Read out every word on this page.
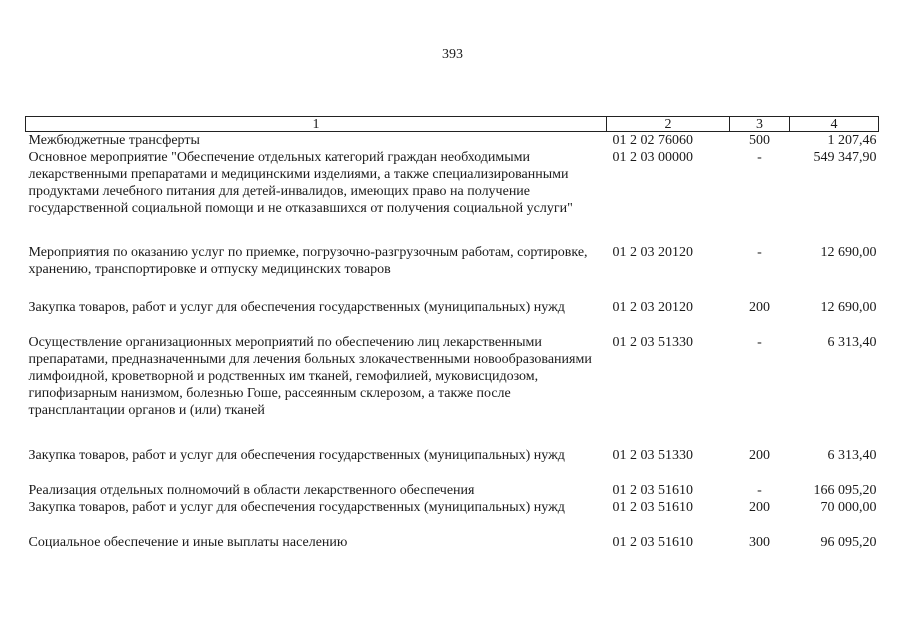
393
1	2	3	4
Межбюджетные трансферты	01 2 02 76060	500	1 207,46
Основное мероприятие "Обеспечение отдельных категорий граждан необходимыми лекарственными препаратами и медицинскими изделиями, а также специализированными продуктами лечебного питания для детей-инвалидов, имеющих право на получение государственной социальной помощи и не отказавшихся от получения социальной услуги"	01 2 03 00000	-	549 347,90
Мероприятия по оказанию услуг по приемке, погрузочно-разгрузочным работам, сортировке, хранению, транспортировке и отпуску медицинских товаров	01 2 03 20120	-	12 690,00
Закупка товаров, работ и услуг для обеспечения государственных (муниципальных) нужд	01 2 03 20120	200	12 690,00
Осуществление организационных мероприятий по обеспечению лиц лекарственными препаратами, предназначенными для лечения больных злокачественными новообразованиями лимфоидной, кроветворной и родственных им тканей, гемофилией, муковисцидозом, гипофизарным нанизмом, болезнью Гоше, рассеянным склерозом, а также после трансплантации органов и (или) тканей	01 2 03 51330	-	6 313,40
Закупка товаров, работ и услуг для обеспечения государственных (муниципальных) нужд	01 2 03 51330	200	6 313,40
Реализация отдельных полномочий в области лекарственного обеспечения	01 2 03 51610	-	166 095,20
Закупка товаров, работ и услуг для обеспечения государственных (муниципальных) нужд	01 2 03 51610	200	70 000,00
Социальное обеспечение и иные выплаты населению	01 2 03 51610	300	96 095,20
